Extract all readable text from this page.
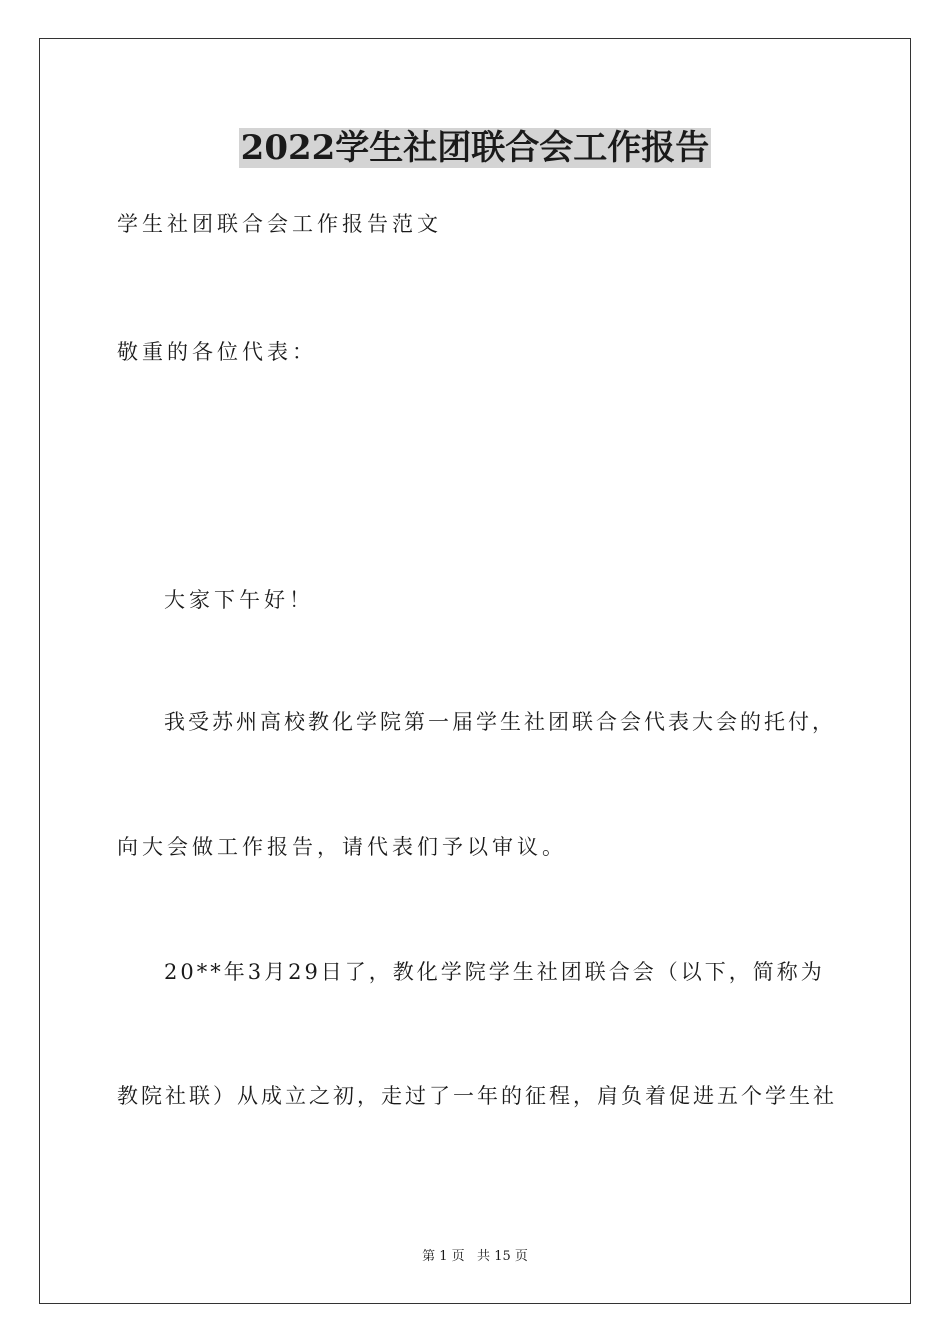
2022学生社团联合会工作报告
学生社团联合会工作报告范文
敬重的各位代表：
大家下午好！
我受苏州高校教化学院第一届学生社团联合会代表大会的托付，
向大会做工作报告，请代表们予以审议。
20**年3月29日了，教化学院学生社团联合会（以下，简称为
教院社联）从成立之初，走过了一年的征程，肩负着促进五个学生社
第 1 页   共 15 页
